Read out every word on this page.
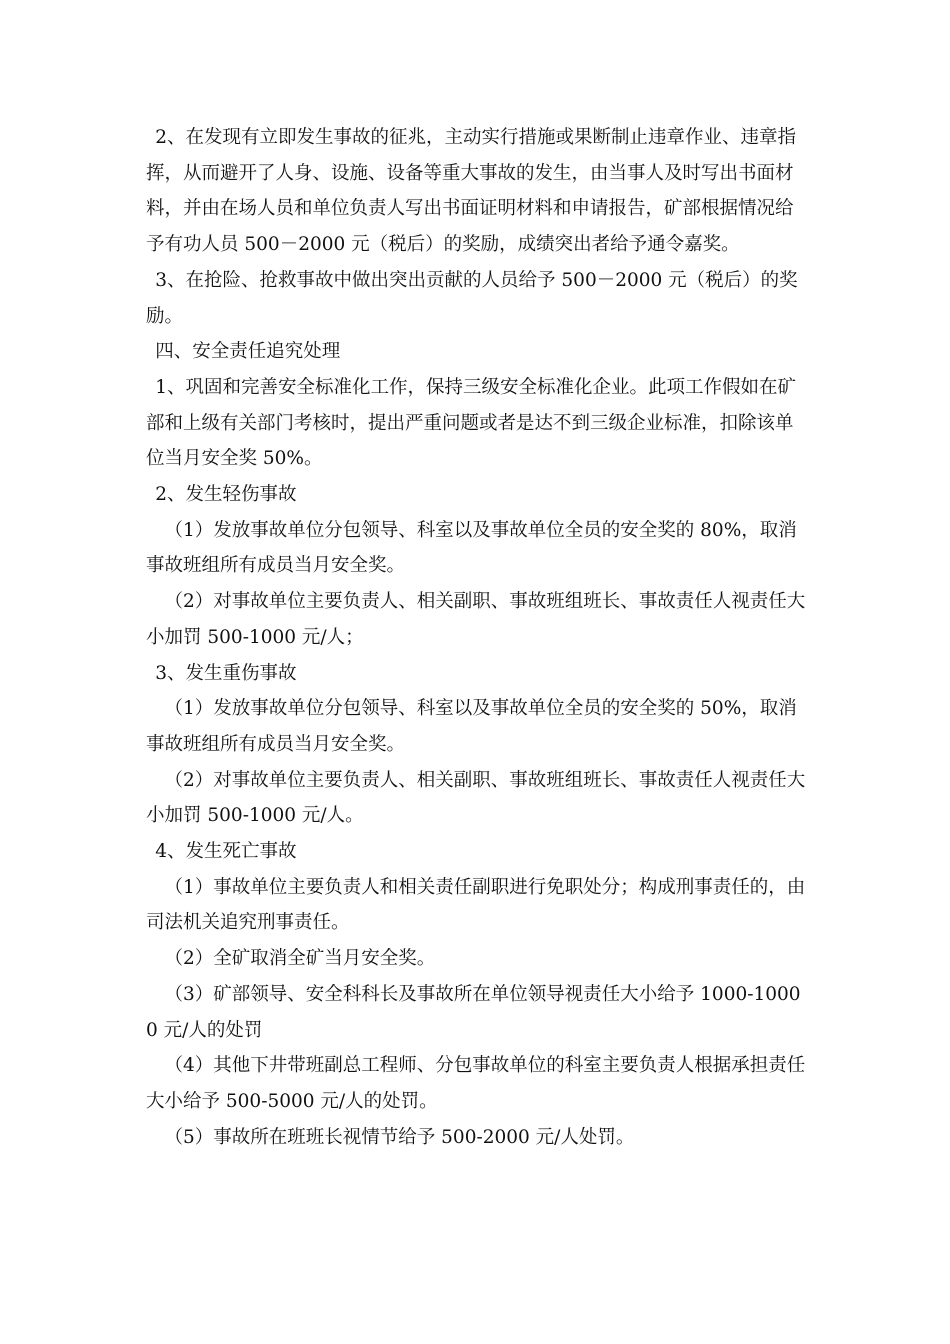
2、在发现有立即发生事故的征兆，主动实行措施或果断制止违章作业、违章指挥，从而避开了人身、设施、设备等重大事故的发生，由当事人及时写出书面材料，并由在场人员和单位负责人写出书面证明材料和申请报告，矿部根据情况给予有功人员 500－2000 元（税后）的奖励，成绩突出者给予通令嘉奖。

3、在抢险、抢救事故中做出突出贡献的人员给予 500－2000 元（税后）的奖励。

四、安全责任追究处理

1、巩固和完善安全标准化工作，保持三级安全标准化企业。此项工作假如在矿部和上级有关部门考核时，提出严重问题或者是达不到三级企业标准，扣除该单位当月安全奖 50%。

2、发生轻伤事故

（1）发放事故单位分包领导、科室以及事故单位全员的安全奖的 80%，取消事故班组所有成员当月安全奖。

（2）对事故单位主要负责人、相关副职、事故班组班长、事故责任人视责任大小加罚 500-1000 元/人；

3、发生重伤事故

（1）发放事故单位分包领导、科室以及事故单位全员的安全奖的 50%，取消事故班组所有成员当月安全奖。

（2）对事故单位主要负责人、相关副职、事故班组班长、事故责任人视责任大小加罚 500-1000 元/人。

4、发生死亡事故

（1）事故单位主要负责人和相关责任副职进行免职处分；构成刑事责任的，由司法机关追究刑事责任。

（2）全矿取消全矿当月安全奖。

（3）矿部领导、安全科科长及事故所在单位领导视责任大小给予 1000-10000 元/人的处罚

（4）其他下井带班副总工程师、分包事故单位的科室主要负责人根据承担责任大小给予 500-5000 元/人的处罚。

（5）事故所在班班长视情节给予 500-2000 元/人处罚。
